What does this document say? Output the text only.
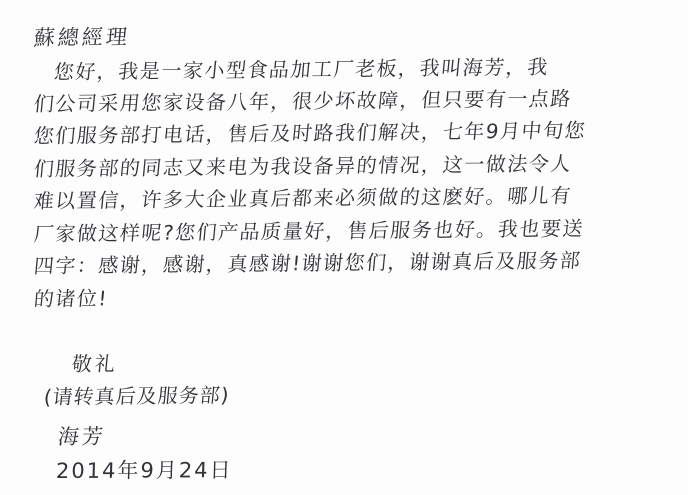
蘇總經理
您好，我是一家小型食品加工厂老板，我叫海芳，我
们公司采用您家设备八年，很少坏故障，但只要有一点路
您们服务部打电话，售后及时路我们解决，七年9月中旬您
们服务部的同志又来电为我设备异的情况，这一做法令人
难以置信，许多大企业真后都来必须做的这麽好。哪儿有
厂家做这样呢?您们产品质量好，售后服务也好。我也要送
四字：感谢，感谢，真感谢!谢谢您们，谢谢真后及服务部
的诸位!
敬礼
(请转真后及服务部)
海芳
2014年9月24日
